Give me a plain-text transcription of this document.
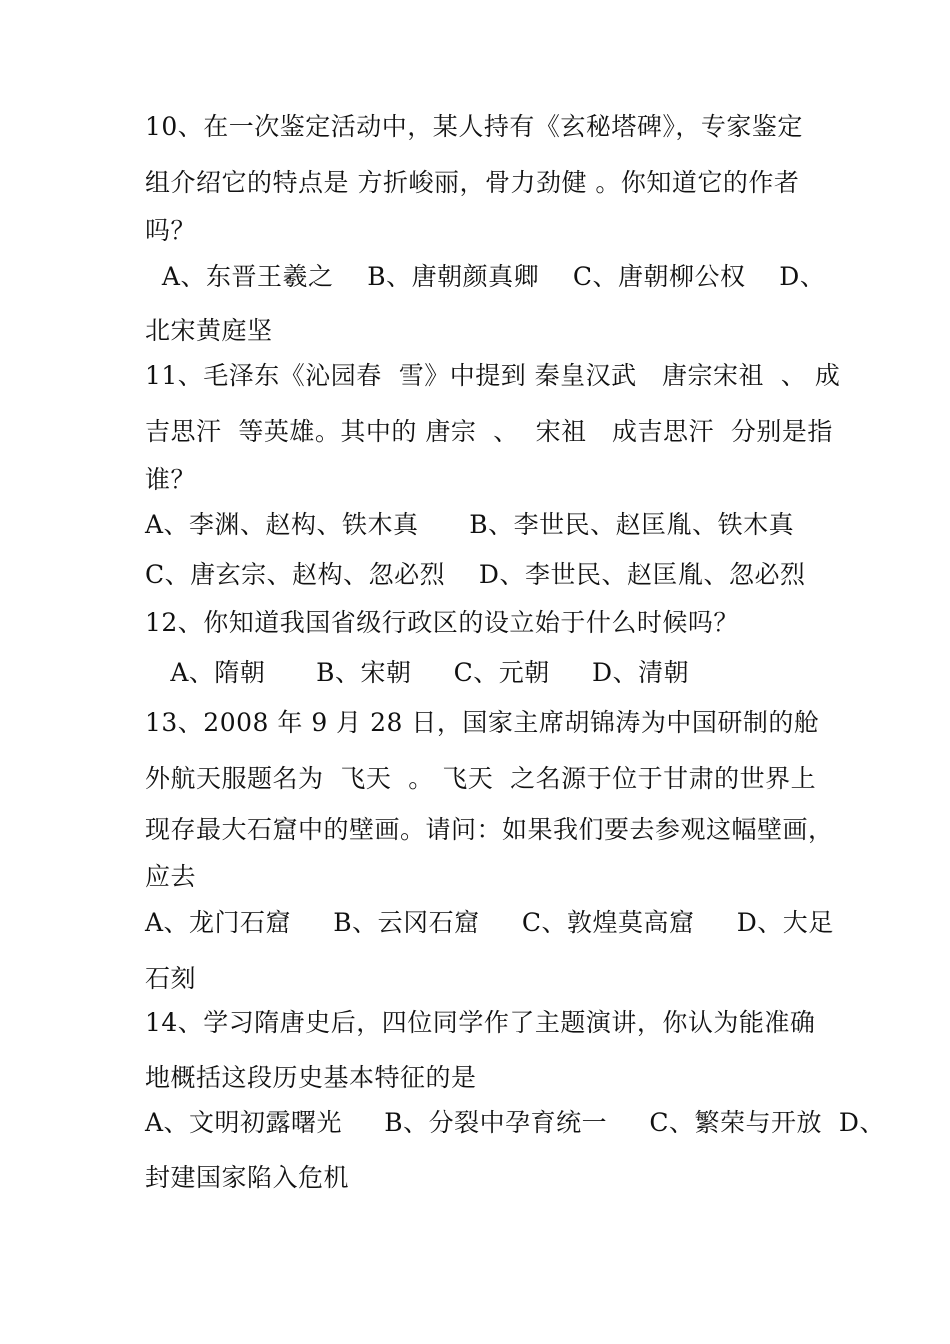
10、在一次鉴定活动中，某人持有《玄秘塔碑》，专家鉴定
组介绍它的特点是 方折峻丽，骨力劲健 。你知道它的作者
吗？
A、东晋王羲之    B、唐朝颜真卿    C、唐朝柳公权    D、
北宋黄庭坚
11、毛泽东《沁园春  雪》中提到 秦皇汉武   唐宗宋祖  、 成
吉思汗  等英雄。其中的 唐宗  、  宋祖   成吉思汗  分别是指
谁？
A、李渊、赵构、铁木真      B、李世民、赵匡胤、铁木真
C、唐玄宗、赵构、忽必烈    D、李世民、赵匡胤、忽必烈
12、你知道我国省级行政区的设立始于什么时候吗？
A、隋朝      B、宋朝     C、元朝     D、清朝
13、2008 年 9 月 28 日，国家主席胡锦涛为中国研制的舱
外航天服题名为  飞天  。 飞天  之名源于位于甘肃的世界上
现存最大石窟中的壁画。请问：如果我们要去参观这幅壁画，
应去
A、龙门石窟     B、云冈石窟     C、敦煌莫高窟     D、大足
石刻
14、学习隋唐史后，四位同学作了主题演讲，你认为能准确
地概括这段历史基本特征的是
A、文明初露曙光     B、分裂中孕育统一     C、繁荣与开放  D、
封建国家陷入危机
